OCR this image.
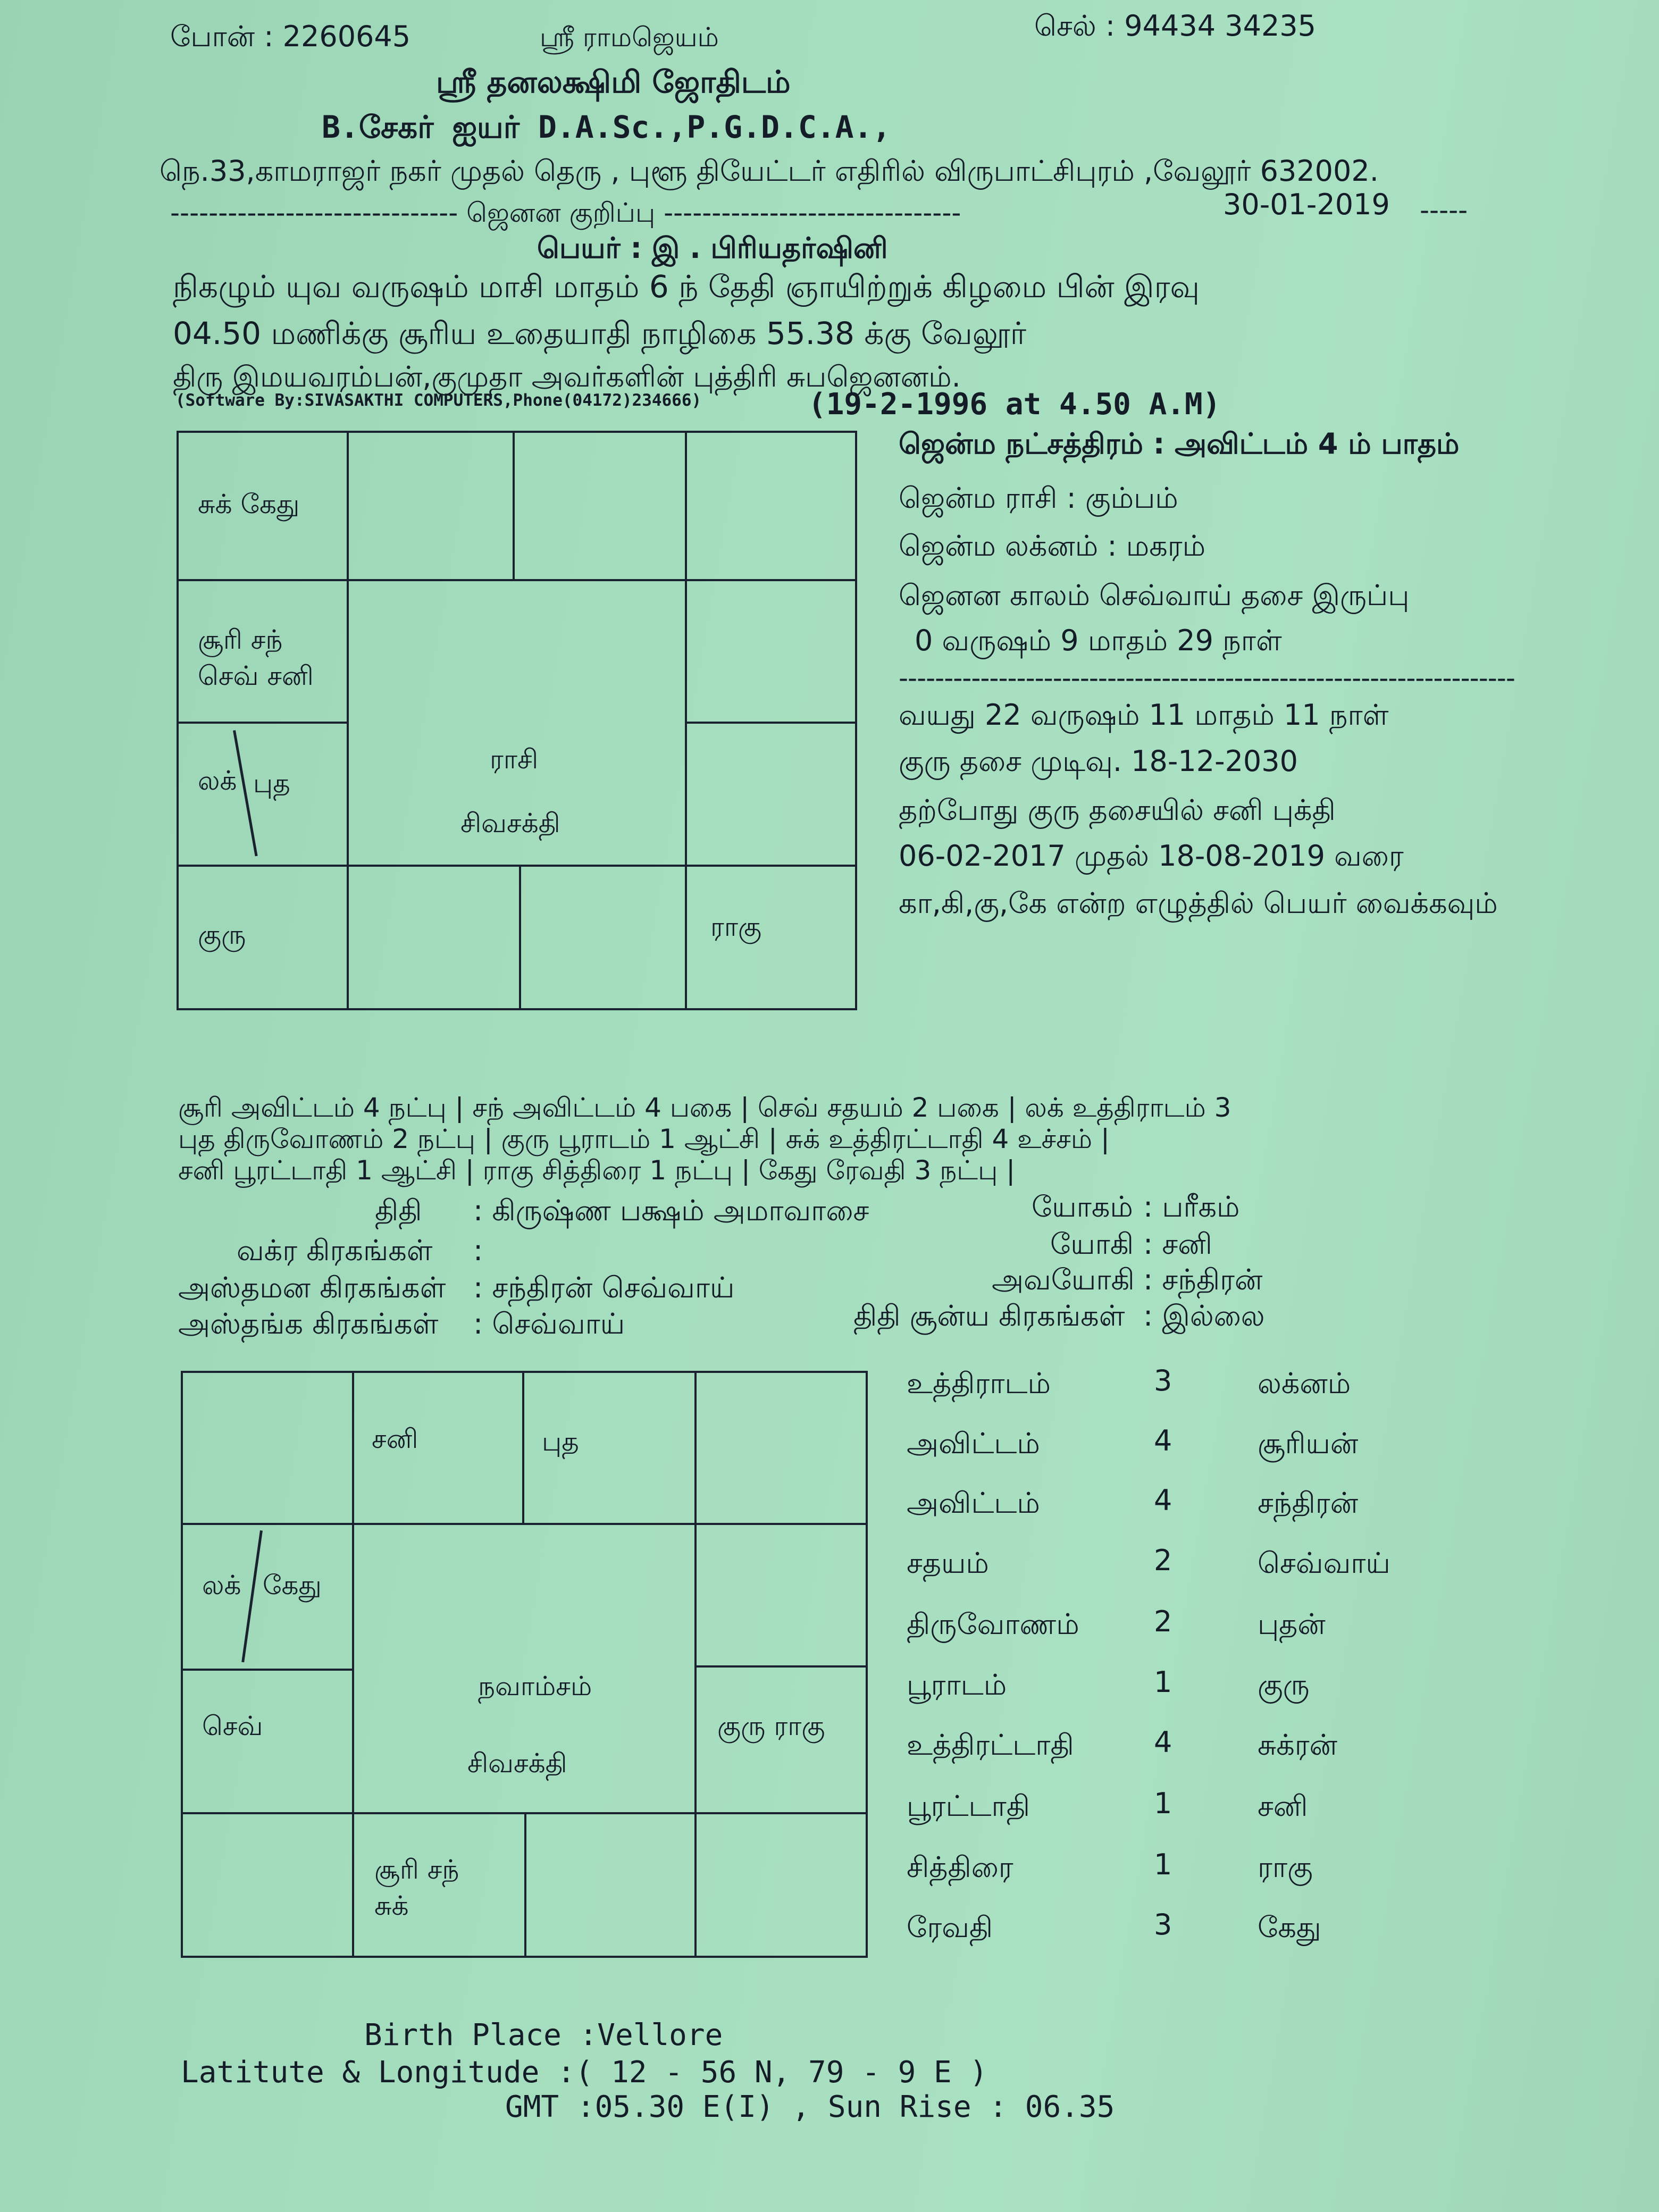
போன் : 2260645	ஸ்ரீ ராமஜெயம்	செல் : 94434 34235
ஸ்ரீ தனலக்ஷிமி ஜோதிடம்
B.சேகர் ஐயர் D.A.Sc.,P.G.D.C.A.,
நெ.33,காமராஜர் நகர் முதல் தெரு , புளூ தியேட்டர் எதிரில் விருபாட்சிபுரம் ,வேலூர் 632002.
------------------------------ ஜெனன குறிப்பு -------------------------------	30-01-2019 -----
பெயர் : இ . பிரியதர்ஷினி
நிகழும் யுவ வருஷம் மாசி மாதம் 6 ந் தேதி ஞாயிற்றுக் கிழமை பின் இரவு
04.50 மணிக்கு சூரிய உதையாதி நாழிகை 55.38 க்கு வேலூர்
திரு இமயவரம்பன்,குமுதா அவர்களின் புத்திரி சுபஜெனனம்.
(Software By:SIVASAKTHI COMPUTERS,Phone(04172)234666)	(19-2-1996 at 4.50 A.M)
சுக் கேது
சூரி சந்
செவ் சனி
லக் புத
குரு	ராகு
ராசி
சிவசக்தி
ஜென்ம நட்சத்திரம் : அவிட்டம் 4 ம் பாதம்
ஜென்ம ராசி : கும்பம்
ஜென்ம லக்னம் : மகரம்
ஜெனன காலம் செவ்வாய் தசை இருப்பு
0 வருஷம் 9 மாதம் 29 நாள்
--------------------------------------------------------------------
வயது 22 வருஷம் 11 மாதம் 11 நாள்
குரு தசை முடிவு. 18-12-2030
தற்போது குரு தசையில் சனி புக்தி
06-02-2017 முதல் 18-08-2019 வரை
கா,கி,கு,கே என்ற எழுத்தில் பெயர் வைக்கவும்
சூரி அவிட்டம் 4 நட்பு | சந் அவிட்டம் 4 பகை | செவ் சதயம் 2 பகை | லக் உத்திராடம் 3
புத திருவோணம் 2 நட்பு | குரு பூராடம் 1 ஆட்சி | சுக் உத்திரட்டாதி 4 உச்சம் |
சனி பூரட்டாதி 1 ஆட்சி | ராகு சித்திரை 1 நட்பு | கேது ரேவதி 3 நட்பு |
திதி : கிருஷ்ண பக்ஷம் அமாவாசை
வக்ர கிரகங்கள் :
அஸ்தமன கிரகங்கள் : சந்திரன் செவ்வாய்
அஸ்தங்க கிரகங்கள் : செவ்வாய்
யோகம் : பரீகம்
யோகி : சனி
அவயோகி : சந்திரன்
திதி சூன்ய கிரகங்கள் : இல்லை
சனி	புத
லக் கேது
செவ்	குரு ராகு
நவாம்சம்
சிவசக்தி
சூரி சந்
சுக்
உத்திராடம்	3	லக்னம்
அவிட்டம்	4	சூரியன்
அவிட்டம்	4	சந்திரன்
சதயம்	2	செவ்வாய்
திருவோணம்	2	புதன்
பூராடம்	1	குரு
உத்திரட்டாதி	4	சுக்ரன்
பூரட்டாதி	1	சனி
சித்திரை	1	ராகு
ரேவதி	3	கேது
Birth Place :Vellore
Latitute & Longitude :( 12 - 56 N, 79 - 9 E )
GMT :05.30 E(I) , Sun Rise : 06.35
